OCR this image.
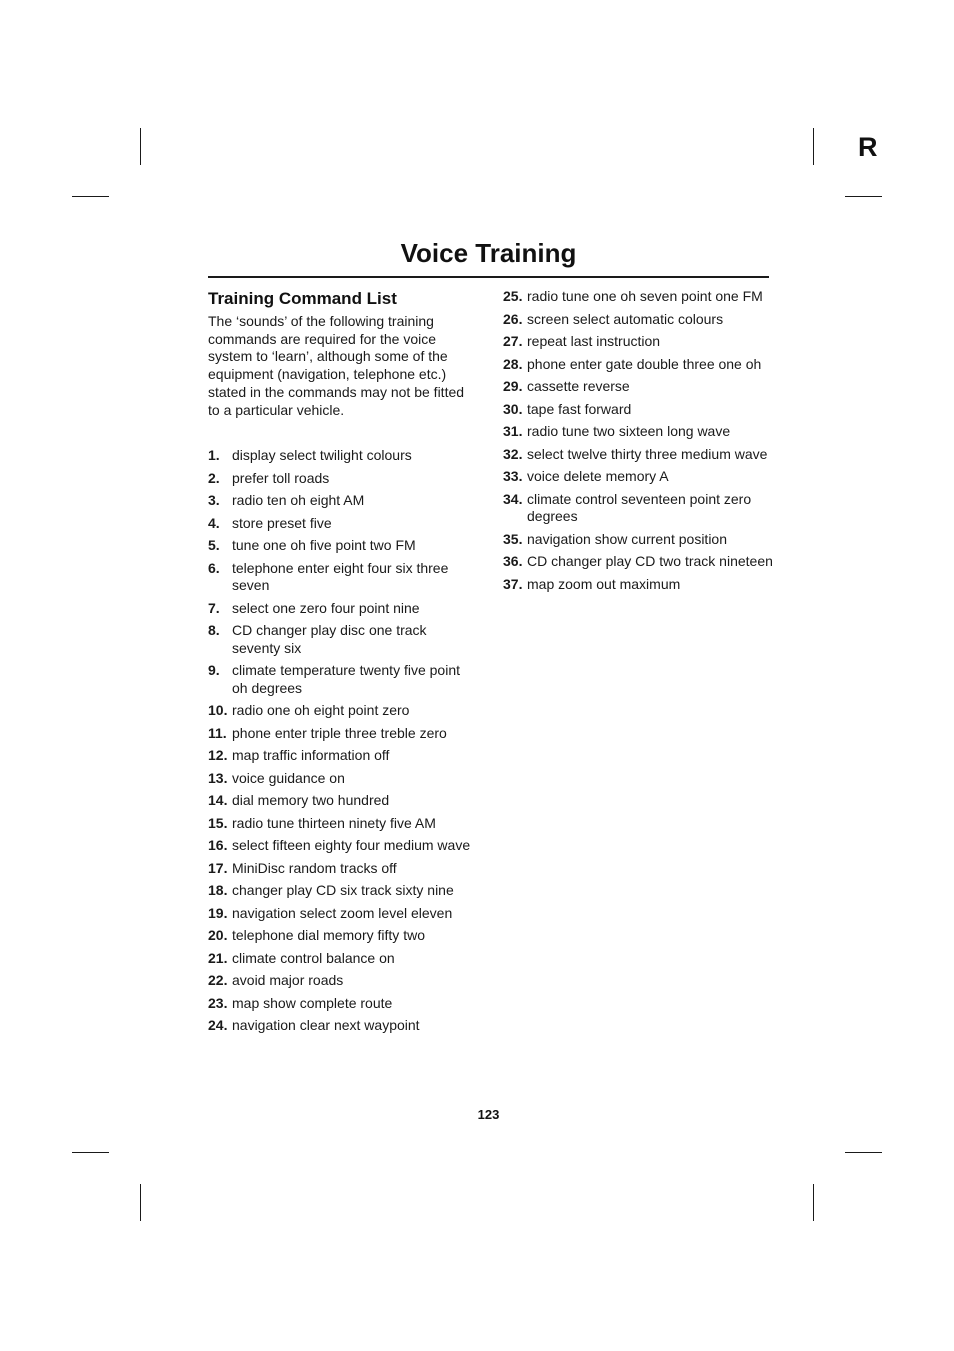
R
Voice Training
Training Command List

The ‘sounds’ of the following training commands are required for the voice system to ‘learn’, although some of the equipment (navigation, telephone etc.) stated in the commands may not be fitted to a particular vehicle.

1. display select twilight colours
2. prefer toll roads
3. radio ten oh eight AM
4. store preset five
5. tune one oh five point two FM
6. telephone enter eight four six three seven
7. select one zero four point nine
8. CD changer play disc one track seventy six
9. climate temperature twenty five point oh degrees
10. radio one oh eight point zero
11. phone enter triple three treble zero
12. map traffic information off
13. voice guidance on
14. dial memory two hundred
15. radio tune thirteen ninety five AM
16. select fifteen eighty four medium wave
17. MiniDisc random tracks off
18. changer play CD six track sixty nine
19. navigation select zoom level eleven
20. telephone dial memory fifty two
21. climate control balance on
22. avoid major roads
23. map show complete route
24. navigation clear next waypoint
25. radio tune one oh seven point one FM
26. screen select automatic colours
27. repeat last instruction
28. phone enter gate double three one oh
29. cassette reverse
30. tape fast forward
31. radio tune two sixteen long wave
32. select twelve thirty three medium wave
33. voice delete memory A
34. climate control seventeen point zero degrees
35. navigation show current position
36. CD changer play CD two track nineteen
37. map zoom out maximum
123
